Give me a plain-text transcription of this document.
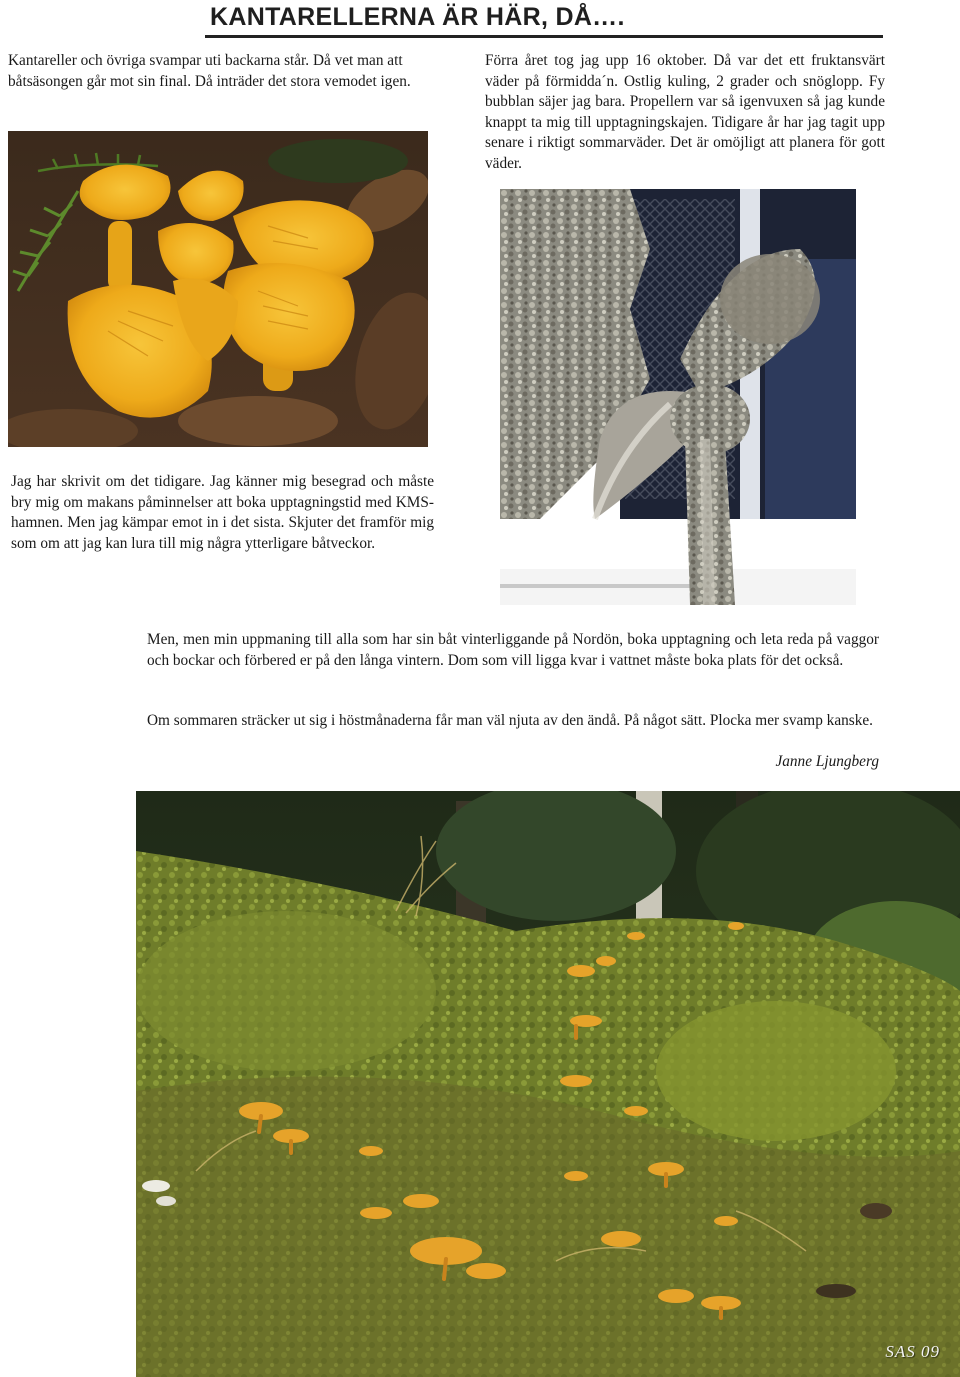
KANTARELLERNA ÄR HÄR, DÅ….
Kantareller och övriga svampar uti backarna står. Då vet man att båtsäsongen går mot sin final. Då inträder det stora vemodet igen.
Förra året tog jag upp 16 oktober. Då var det ett fruktansvärt väder på förmidda´n. Ostlig kuling, 2 grader och snöglopp. Fy bubblan säjer jag bara. Propellern var så igenvuxen så jag kunde knappt ta mig till upptagningskajen. Tidigare år har jag tagit upp senare i riktigt sommarväder. Det är omöjligt att planera för gott väder.
Jag har skrivit om det tidigare. Jag känner mig besegrad och måste bry mig om makans påminnelser att boka upptagningstid med KMS-hamnen. Men jag kämpar emot in i det sista. Skjuter det framför mig som om att jag kan lura till mig några ytterligare båtveckor.
Men, men min uppmaning till alla som har sin båt vinterliggande på Nordön, boka upptagning och leta reda på vaggor och bockar och förbered er på den långa vintern. Dom som vill ligga kvar i vattnet måste boka plats för det också.
Om sommaren sträcker ut sig i höstmånaderna får man väl njuta av den ändå. På något sätt. Plocka mer svamp kanske.
Janne Ljungberg
SAS 09
